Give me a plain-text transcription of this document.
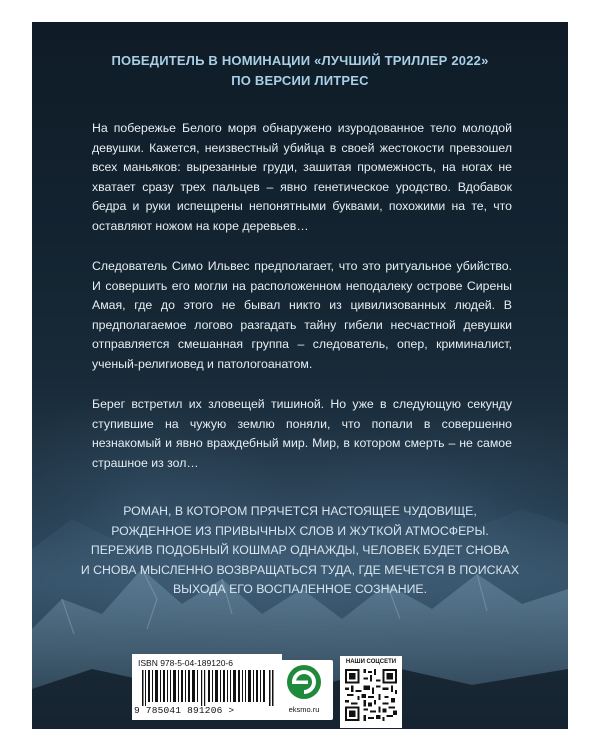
ПОБЕДИТЕЛЬ В НОМИНАЦИИ «ЛУЧШИЙ ТРИЛЛЕР 2022»
ПО ВЕРСИИ ЛИТРЕС

На побережье Белого моря обнаружено изуродованное тело молодой девушки. Кажется, неизвестный убийца в своей жестокости превзошел всех маньяков: вырезанные груди, зашитая промежность, на ногах не хватает сразу трех пальцев – явно генетическое уродство. Вдобавок бедра и руки испещрены непонятными буквами, похожими на те, что оставляют ножом на коре деревьев…

Следователь Симо Ильвес предполагает, что это ритуальное убийство. И совершить его могли на расположенном неподалеку острове Сирены Амая, где до этого не бывал никто из цивилизованных людей. В предполагаемое логово разгадать тайну гибели несчастной девушки отправляется смешанная группа – следователь, опер, криминалист, ученый-религиовед и патологоанатом.

Берег встретил их зловещей тишиной. Но уже в следующую секунду ступившие на чужую землю поняли, что попали в совершенно незнакомый и явно враждебный мир. Мир, в котором смерть – не самое страшное из зол…

РОМАН, В КОТОРОМ ПРЯЧЕТСЯ НАСТОЯЩЕЕ ЧУДОВИЩЕ,
РОЖДЕННОЕ ИЗ ПРИВЫЧНЫХ СЛОВ И ЖУТКОЙ АТМОСФЕРЫ.
ПЕРЕЖИВ ПОДОБНЫЙ КОШМАР ОДНАЖДЫ, ЧЕЛОВЕК БУДЕТ СНОВА
И СНОВА МЫСЛЕННО ВОЗВРАЩАТЬСЯ ТУДА, ГДЕ МЕЧЕТСЯ В ПОИСКАХ
ВЫХОДА ЕГО ВОСПАЛЕННОЕ СОЗНАНИЕ.
ISBN 978-5-04-189120-6
9 785041 891206 >	eksmo.ru
НАШИ СОЦСЕТИ
